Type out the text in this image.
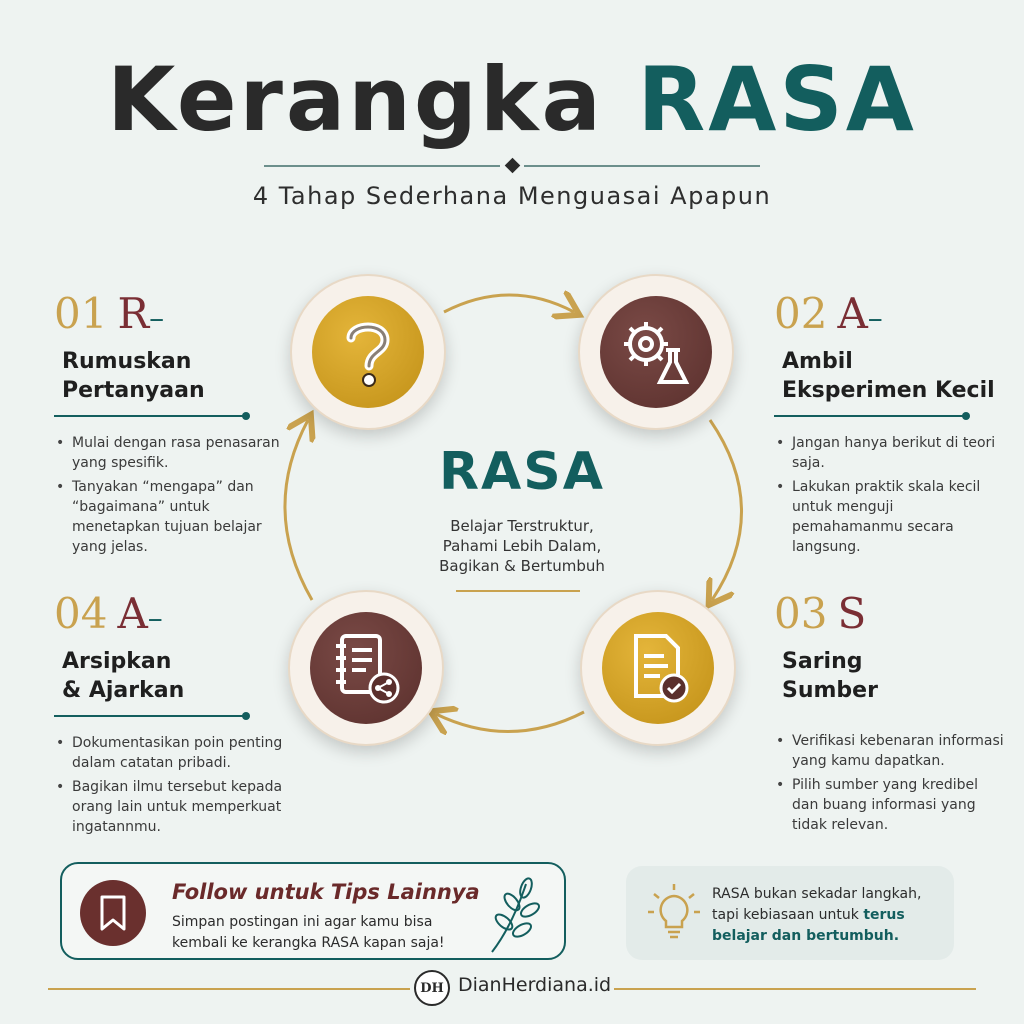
Kerangka RASA
4 Tahap Sederhana Menguasai Apapun
RASA
Belajar Terstruktur, Pahami Lebih Dalam, Bagikan & Bertumbuh
01 R–
Rumuskan
Pertanyaan
• Mulai dengan rasa penasaran yang spesifik.
• Tanyakan “mengapa” dan “bagaimana” untuk menetapkan tujuan belajar yang jelas.
02 A–
Ambil
Eksperimen Kecil
• Jangan hanya berikut di teori saja.
• Lakukan praktik skala kecil untuk menguji pemahamanmu secara langsung.
03 S
Saring
Sumber
• Verifikasi kebenaran informasi yang kamu dapatkan.
• Pilih sumber yang kredibel dan buang informasi yang tidak relevan.
04 A–
Arsipkan
& Ajarkan
• Dokumentasikan poin penting dalam catatan pribadi.
• Bagikan ilmu tersebut kepada orang lain untuk memperkuat ingatannmu.
Follow untuk Tips Lainnya
Simpan postingan ini agar kamu bisa kembali ke kerangka RASA kapan saja!
RASA bukan sekadar langkah, tapi kebiasaan untuk terus belajar dan bertumbuh.
DH DianHerdiana.id
